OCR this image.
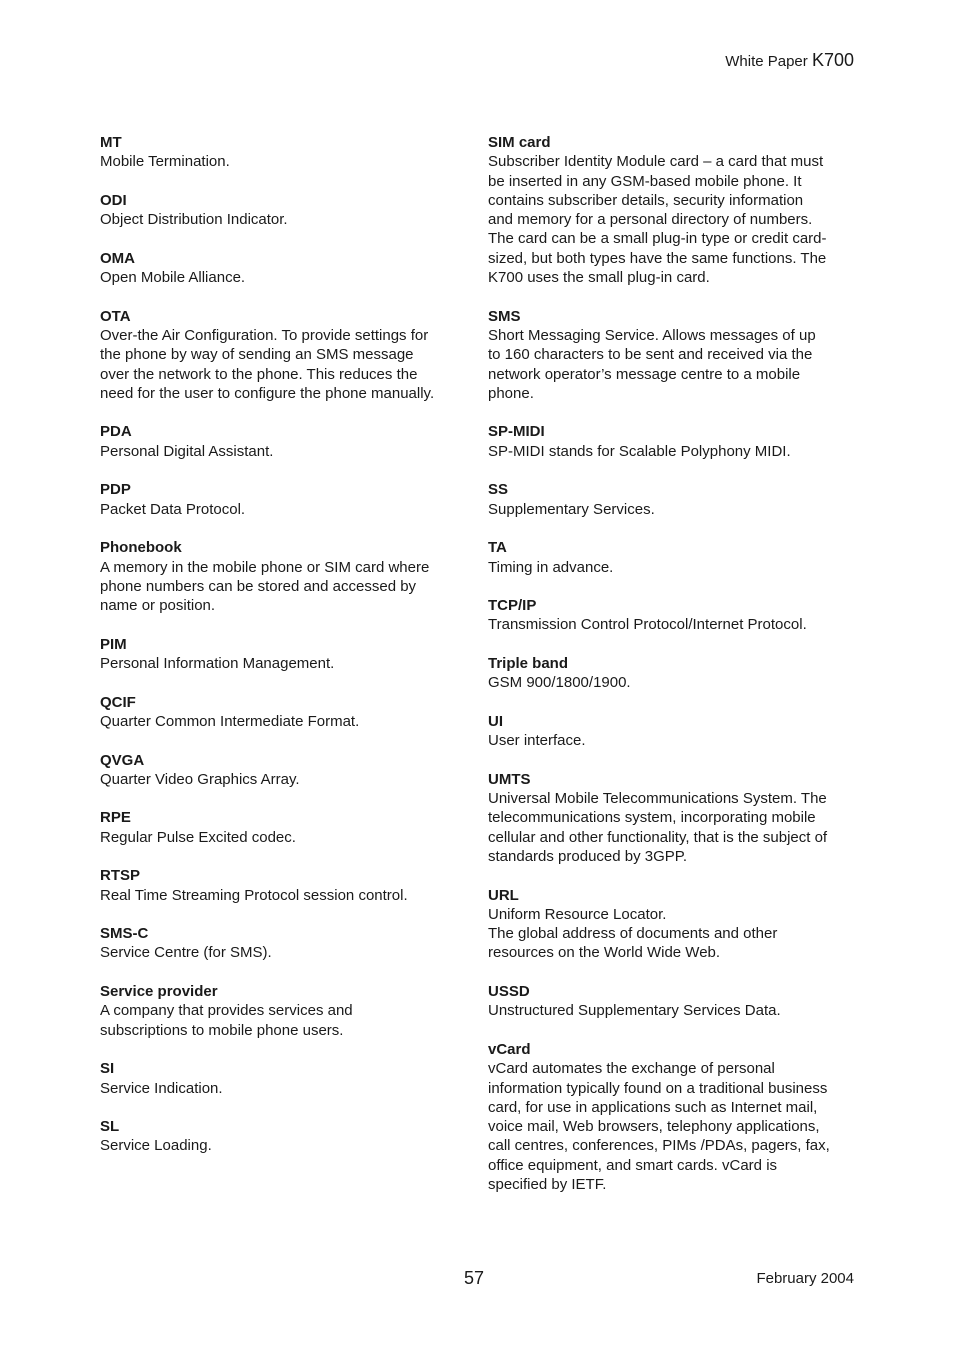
White Paper K700
MT
Mobile Termination.
ODI
Object Distribution Indicator.
OMA
Open Mobile Alliance.
OTA
Over-the Air Configuration. To provide settings for
the phone by way of sending an SMS message
over the network to the phone. This reduces the
need for the user to configure the phone manually.
PDA
Personal Digital Assistant.
PDP
Packet Data Protocol.
Phonebook
A memory in the mobile phone or SIM card where
phone numbers can be stored and accessed by
name or position.
PIM
Personal Information Management.
QCIF
Quarter Common Intermediate Format.
QVGA
Quarter Video Graphics Array.
RPE
Regular Pulse Excited codec.
RTSP
Real Time Streaming Protocol session control.
SMS-C
Service Centre (for SMS).
Service provider
A company that provides services and
subscriptions to mobile phone users.
SI
Service Indication.
SL
Service Loading.
SIM card
Subscriber Identity Module card – a card that must
be inserted in any GSM-based mobile phone. It
contains subscriber details, security information
and memory for a personal directory of numbers.
The card can be a small plug-in type or credit card-
sized, but both types have the same functions. The
K700 uses the small plug-in card.
SMS
Short Messaging Service. Allows messages of up
to 160 characters to be sent and received via the
network operator’s message centre to a mobile
phone.
SP-MIDI
SP-MIDI stands for Scalable Polyphony MIDI.
SS
Supplementary Services.
TA
Timing in advance.
TCP/IP
Transmission Control Protocol/Internet Protocol.
Triple band
GSM 900/1800/1900.
UI
User interface.
UMTS
Universal Mobile Telecommunications System. The
telecommunications system, incorporating mobile
cellular and other functionality, that is the subject of
standards produced by 3GPP.
URL
Uniform Resource Locator.
The global address of documents and other
resources on the World Wide Web.
USSD
Unstructured Supplementary Services Data.
vCard
vCard automates the exchange of personal
information typically found on a traditional business
card, for use in applications such as Internet mail,
voice mail, Web browsers, telephony applications,
call centres, conferences, PIMs /PDAs, pagers, fax,
office equipment, and smart cards. vCard is
specified by IETF.
57	February 2004
